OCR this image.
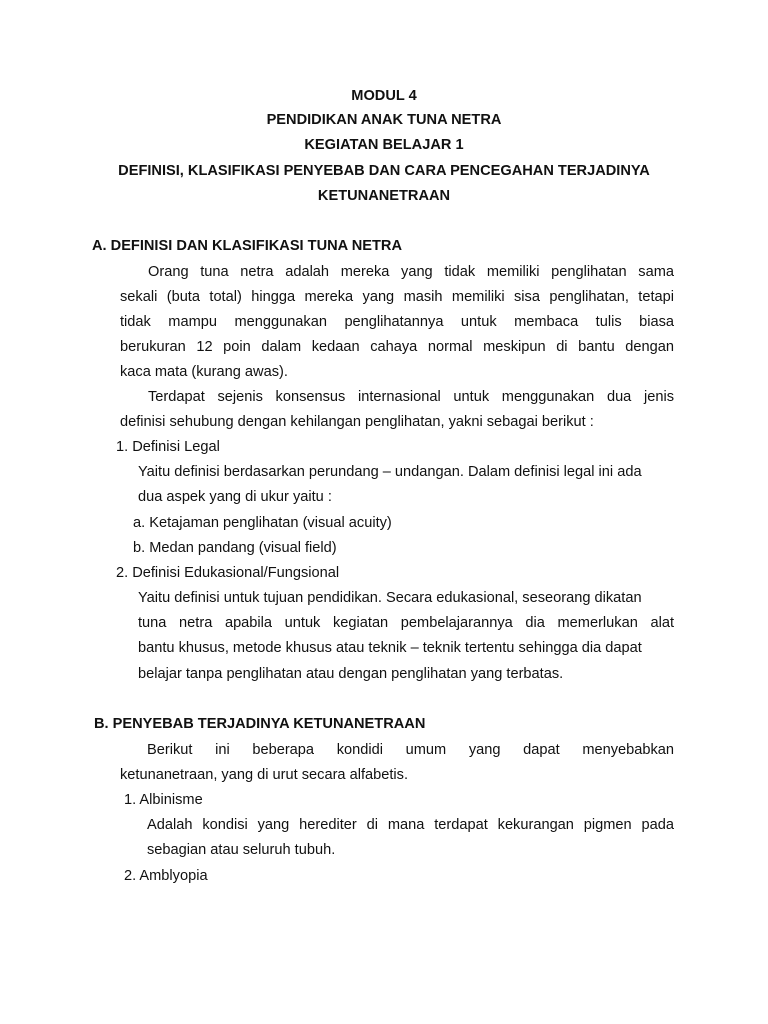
MODUL 4
PENDIDIKAN ANAK TUNA NETRA
KEGIATAN BELAJAR 1
DEFINISI, KLASIFIKASI PENYEBAB DAN CARA PENCEGAHAN TERJADINYA
KETUNANETRAAN
A. DEFINISI DAN KLASIFIKASI TUNA NETRA
Orang tuna netra adalah mereka yang tidak memiliki penglihatan sama
sekali (buta total) hingga mereka yang masih memiliki sisa penglihatan, tetapi
tidak mampu menggunakan penglihatannya untuk membaca tulis biasa
berukuran 12 poin dalam kedaan cahaya normal meskipun di bantu dengan
kaca mata (kurang awas).
Terdapat sejenis konsensus internasional untuk menggunakan dua jenis
definisi sehubung dengan kehilangan penglihatan, yakni sebagai berikut :
1. Definisi Legal
Yaitu definisi berdasarkan perundang – undangan. Dalam definisi legal ini ada
dua aspek yang di ukur yaitu :
a. Ketajaman penglihatan (visual acuity)
b. Medan pandang (visual field)
2. Definisi Edukasional/Fungsional
Yaitu definisi untuk tujuan pendidikan. Secara edukasional, seseorang dikatan
tuna netra apabila untuk kegiatan pembelajarannya dia memerlukan alat
bantu khusus, metode khusus atau teknik – teknik tertentu sehingga dia dapat
belajar tanpa penglihatan atau dengan penglihatan yang terbatas.
B. PENYEBAB TERJADINYA KETUNANETRAAN
Berikut ini beberapa kondidi umum yang dapat menyebabkan
ketunanetraan, yang di urut secara alfabetis.
1. Albinisme
Adalah kondisi yang herediter di mana terdapat kekurangan pigmen pada
sebagian atau seluruh tubuh.
2. Amblyopia
